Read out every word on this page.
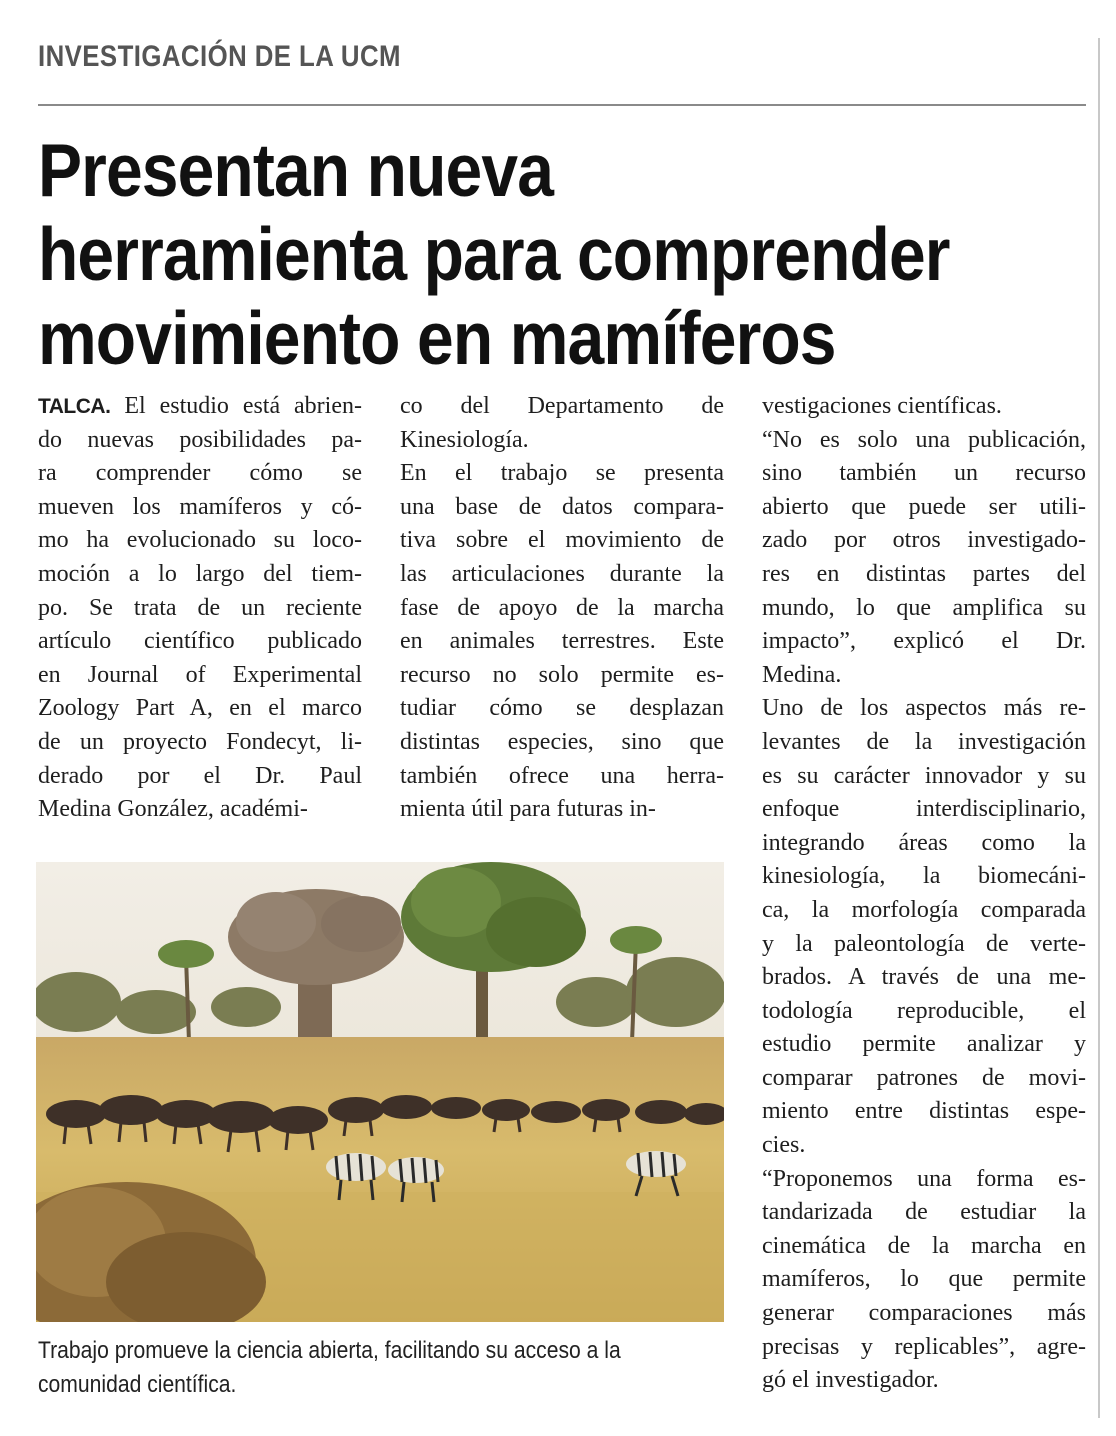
INVESTIGACIÓN DE LA UCM
Presentan nueva
herramienta para comprender
movimiento en mamíferos
TALCA. El estudio está abrien-
do nuevas posibilidades pa-
ra comprender cómo se
mueven los mamíferos y có-
mo ha evolucionado su loco-
moción a lo largo del tiem-
po. Se trata de un reciente
artículo científico publicado
en Journal of Experimental
Zoology Part A, en el marco
de un proyecto Fondecyt, li-
derado por el Dr. Paul
Medina González, académi-
co del Departamento de
Kinesiología.
En el trabajo se presenta
una base de datos compara-
tiva sobre el movimiento de
las articulaciones durante la
fase de apoyo de la marcha
en animales terrestres. Este
recurso no solo permite es-
tudiar cómo se desplazan
distintas especies, sino que
también ofrece una herra-
mienta útil para futuras in-
vestigaciones científicas.
“No es solo una publicación,
sino también un recurso
abierto que puede ser utili-
zado por otros investigado-
res en distintas partes del
mundo, lo que amplifica su
impacto”, explicó el Dr.
Medina.
Uno de los aspectos más re-
levantes de la investigación
es su carácter innovador y su
enfoque interdisciplinario,
integrando áreas como la
kinesiología, la biomecáni-
ca, la morfología comparada
y la paleontología de verte-
brados. A través de una me-
todología reproducible, el
estudio permite analizar y
comparar patrones de movi-
miento entre distintas espe-
cies.
“Proponemos una forma es-
tandarizada de estudiar la
cinemática de la marcha en
mamíferos, lo que permite
generar comparaciones más
precisas y replicables”, agre-
gó el investigador.
Trabajo promueve la ciencia abierta, facilitando su acceso a la
comunidad científica.
